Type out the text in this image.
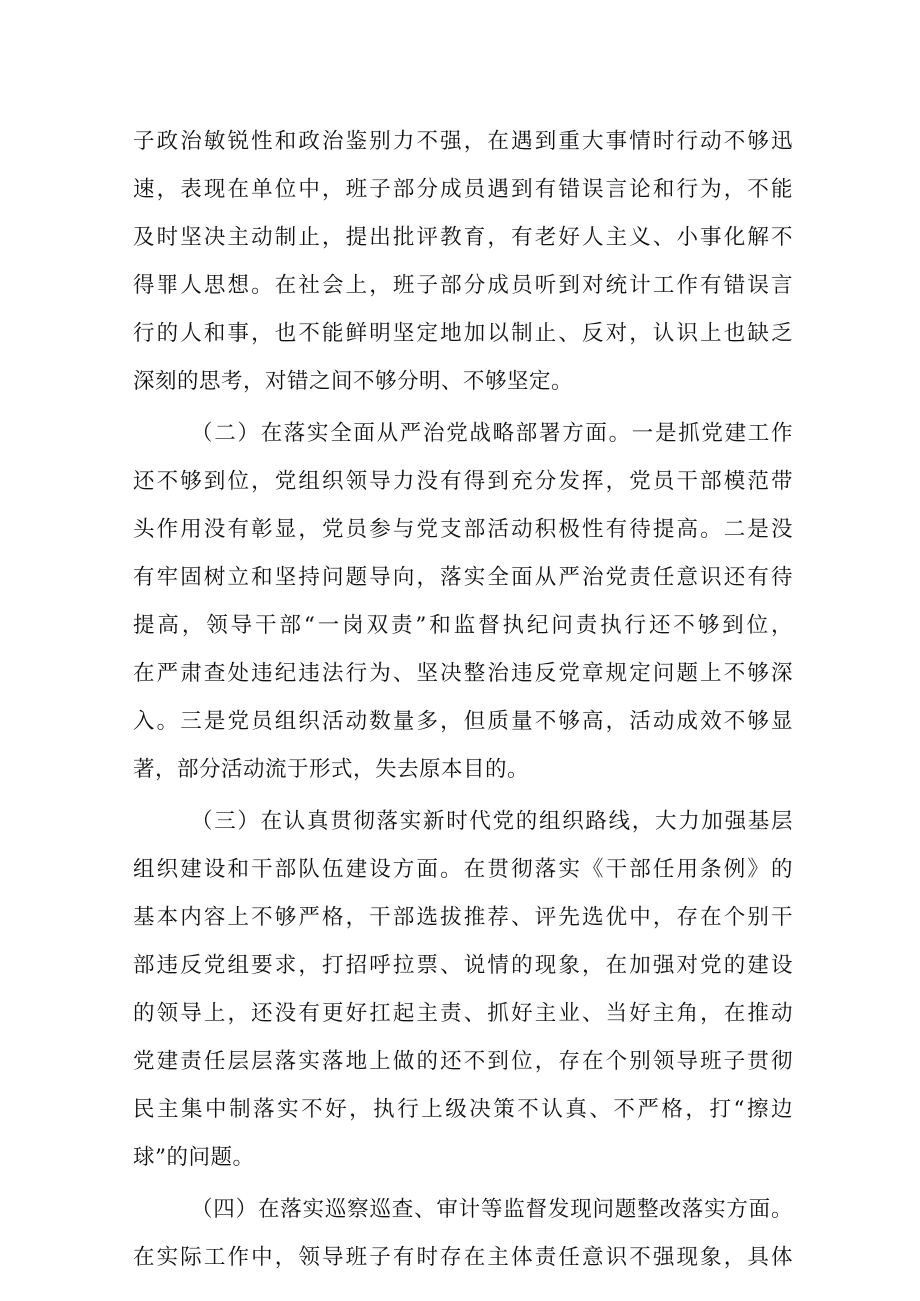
子政治敏锐性和政治鉴别力不强，在遇到重大事情时行动不够迅
速，表现在单位中，班子部分成员遇到有错误言论和行为，不能
及时坚决主动制止，提出批评教育，有老好人主义、小事化解不
得罪人思想。在社会上，班子部分成员听到对统计工作有错误言
行的人和事，也不能鲜明坚定地加以制止、反对，认识上也缺乏
深刻的思考，对错之间不够分明、不够坚定。
（二）在落实全面从严治党战略部署方面。一是抓党建工作
还不够到位，党组织领导力没有得到充分发挥，党员干部模范带
头作用没有彰显，党员参与党支部活动积极性有待提高。二是没
有牢固树立和坚持问题导向，落实全面从严治党责任意识还有待
提高，领导干部“一岗双责”和监督执纪问责执行还不够到位，
在严肃查处违纪违法行为、坚决整治违反党章规定问题上不够深
入。三是党员组织活动数量多，但质量不够高，活动成效不够显
著，部分活动流于形式，失去原本目的。
（三）在认真贯彻落实新时代党的组织路线，大力加强基层
组织建设和干部队伍建设方面。在贯彻落实《干部任用条例》的
基本内容上不够严格，干部选拔推荐、评先选优中，存在个别干
部违反党组要求，打招呼拉票、说情的现象，在加强对党的建设
的领导上，还没有更好扛起主责、抓好主业、当好主角，在推动
党建责任层层落实落地上做的还不到位，存在个别领导班子贯彻
民主集中制落实不好，执行上级决策不认真、不严格，打“擦边
球”的问题。
（四）在落实巡察巡查、审计等监督发现问题整改落实方面。
在实际工作中，领导班子有时存在主体责任意识不强现象，具体
